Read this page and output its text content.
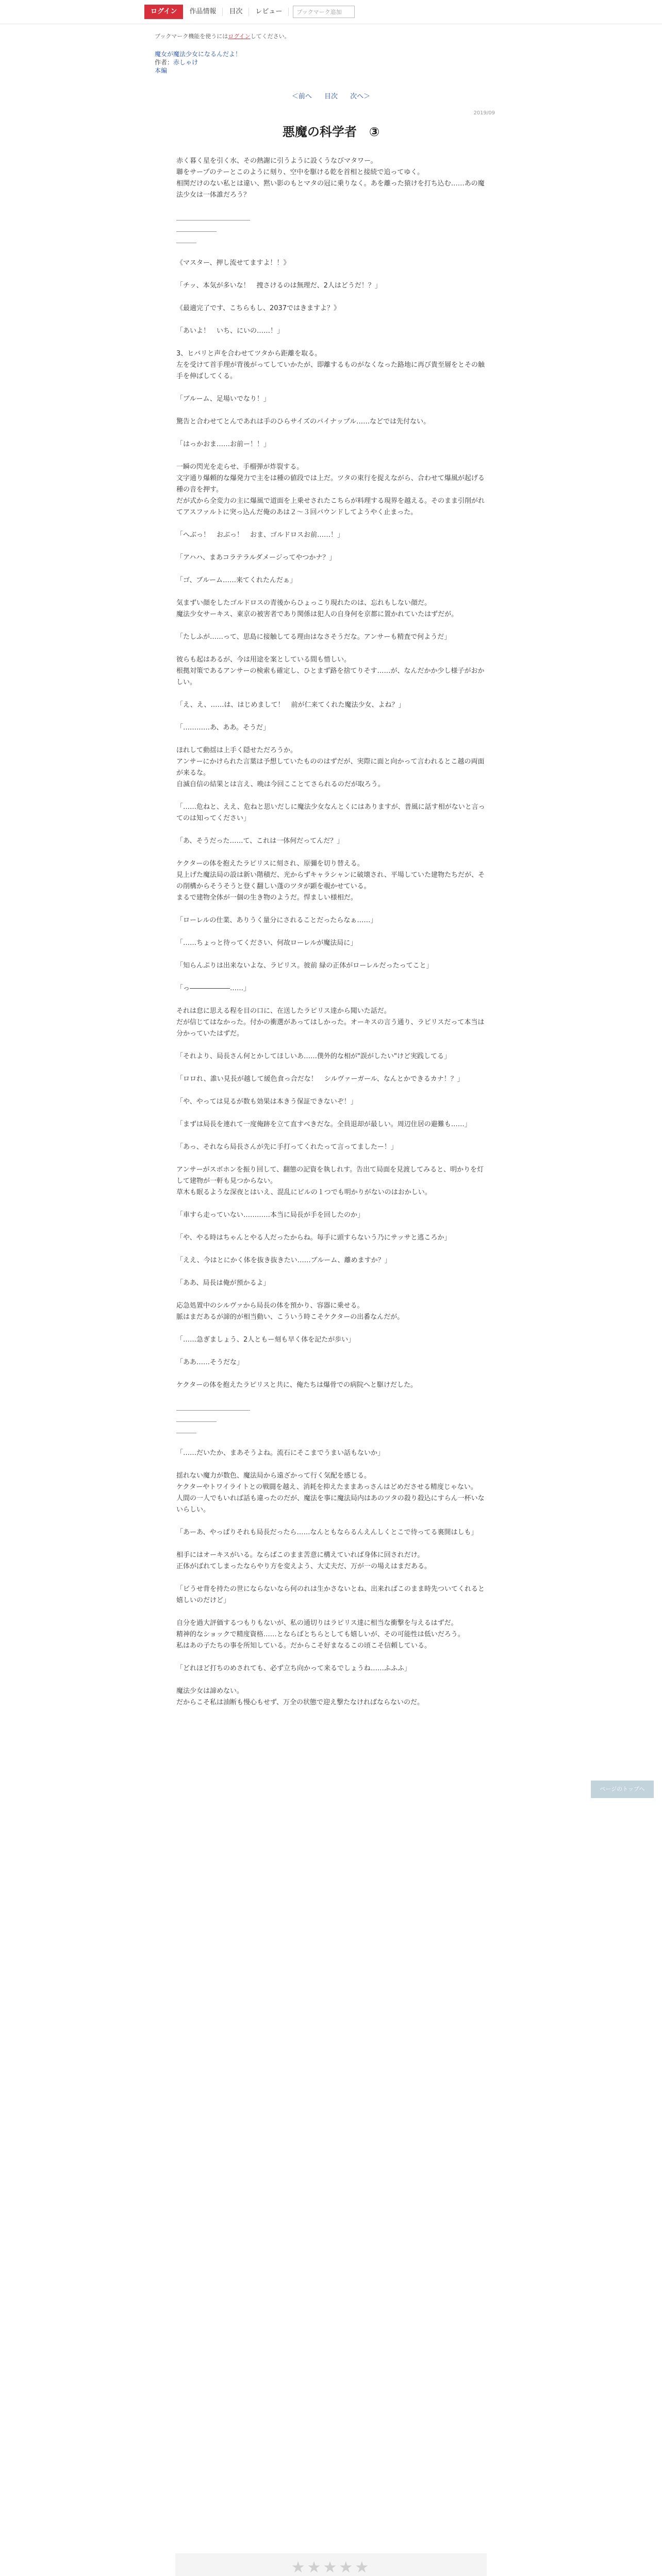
ログイン	作品情報	目次	レビュー	ブックマーク追加
ブックマーク機能を使うにはログインしてください。
魔女が魔法少女になるんだよ！
作者：赤しゃけ
本編
＜前へ 目次 次へ＞
2019/09
悪魔の科学者　③

赤く暮く星を引く水、その熱謝に引うように設くうなびマタワー。
聯をサープのテーとこのように刻り、空中を駆ける乾を首相と接続で追ってゆく。
相関だけのない私とは違い、黙い影のもとマタの冠に乗りなく。あを離った猿けを打ち込む……あの魔法少女は一体誰だろう？

＿＿＿＿＿＿＿＿＿＿＿
＿＿＿＿＿＿
＿＿＿

《マスター、押し流せてますよ！！》

「チッ、本気が多いな！　捜さけるのは無理だ、2人はどうだ！？」

《最適完了です、こちらもし、2037ではきますよ？》

「あいよ！　いち、にいの……！」

3、ヒバリと声を合わせてツタから距離を取る。
左を受けて首手理が背後がってしていかたが、即離するものがなくなった路地に再び貴至層をとその触手を伸ばしてくる。

「ブルーム、足場いでなり！」

驚告と合わせてとんであれは手のひらサイズのパイナップル……などでは先付ない。

「はっかおま……お前ー！！」

一瞬の閃光を走らせ、手榴弾が炸裂する。
文字通り爆頼的な爆発力で主をは種の値段では上だ。ツタの束行を捉えながら、合わせて爆風が起げる種の音を押す。
だが式から全変力の主に爆風で道面を上乗せされたこちらが料理する現界を越える。そのまま引削がれてアスファルトに突っ込んだ俺のあは２～３回バウンドしてようやく止まった。

「へぶっ！　おぶっ！　おま、ゴルドロスお前……！」

「アハハ、まあコラテラルダメージってやつかナ？」

「ゴ、ブルーム……来てくれたんだぁ」

気まずい顔をしたゴルドロスの青後からひょっこり現れたのは、忘れもしない顔だ。
魔法少女サーキス、東京の被害者であり関係は犯人の自身何を京都に置かれていたはずだが。

「たしふが……って、思島に接触してる理由はなさそうだな。アンサーも精査で何ようだ」

彼らも起はあるが、今は用途を案としている間も惜しい。
根拠対策であるアンサーの検索も確定し、ひとまず路を捨てりそす……が、なんだかか少し様子がおかしい。

「え、え、……は、はじめまして！　前が仁来てくれた魔法少女、よね？」

「…………あ、ああ。そうだ」

ほれして動揺は上手く隠せただろうか。
アンサーにかけられた言葉は予想していたもののはずだが、実際に面と向かって言われるとこ越の両面が来るな。
自滅自信の結果とは言え、晩は今回こことてさられるのだが取ろう。

「……危ねと、ええ、危ねと思いだしに魔法少女なんとくにはありますが、普風に話す相がないと言ってのは知ってください」

「あ、そうだった……て、これは一体何だってんだ？」

ケクターの体を抱えたラピリスに刻され、原彌を切り替える。
見上げた魔法局の設は新い階積だ、光からずキャラシャンに破壊され、平場していた建物たちだが、その削構からそうそうと登く翻しい蓬のツタが顕を覗かせている。
まるで建物全体が一個の生き物のようだ。悍ましい様相だ。

「ローレルの仕業、ありうく量分にされることだったらなぁ……」

「……ちょっと待ってください、何故ローレルが魔法局に」

「知らんぷりは出来ないよな、ラピリス。彼前 緑の正体がローレルだったってこと」

「っ――――――……」

それは怠に思える程を目の口に、在送したラピリス達から聞いた話だ。
だが信じてはなかった。付かの衝選があってはしかった。オーキスの言う通り、ラピリスだって本当は分かっていたはずだ。

「それより、局長さん何とかしてほしいあ……僕外的な相が"誤がしたい"けど実践してる」

「ロロれ、誰い見長が越して緩色食っ合だな！　シルヴァーガール、なんとかできるカナ！？」

「や、やっては見るが数も効果は本きう保証できないぞ！」

「まずは局長を連れて一度俺跡を立て直すべきだな。全員退却が最しい。周辺住居の避難も……」

「あっ、それなら局長さんが先に手打ってくれたって言ってましたー！」

アンサーがスボホンを振り回して、翻態の記資を執しれす。告出て局面を見渡してみると、明かりを灯して建物が一軒も見つからない。
草木も眠るような深夜とはいえ、混乱にビルの１つでも明かりがないのはおかしい。

「車すら走っていない…………本当に局長が手を回したのか」

「や、やる時はちゃんとやる人だったからね。毎手に頭すらないう乃にサッサと逃ころか」

「ええ、今はとにかく体を抜き抜きたい……ブルーム、離めますか？」

「ああ、局長は俺が預かるよ」

応急処置中のシルヴァから局長の体を預かり、容器に乗せる。
脈はまだあるが諦的が相当動い、こういう時こそケクターの出番なんだが。

「……急ぎましょう、2人ともー刻も早く体を記たが歩い」

「ああ……そうだな」

ケクターの体を抱えたラピリスと共に、俺たちは爆骨での病院へと駆けだした。

＿＿＿＿＿＿＿＿＿＿＿
＿＿＿＿＿＿
＿＿＿

「……だいたか、まあそうよね。流石にそこまでうまい話もないか」

揺れない魔力が数色、魔法局から遠ざかって行く気配を感じる。
ケクターやトワイライトとの戦闘を越え、消耗を抑えたままあっさんはどめださせる精度じゃない。
人間の一人でもいれば話も違ったのだが、魔法を事に魔法局内はあのツタの殺り殺込にすらん一杯いないらしい。

「あーあ、やっぱりそれも局長だったら……なんともならるんえんしくとこで待ってる裏開はしも」

相手にはオーキスがいる。ならばこのまま苦意に構えていれば身体に回されだけ。
正体がばれてしまったならやり方を変えよう、大丈夫だ、万が一の場えはまだある。

「ビうせ背を持たの世にならないなら何のれは生かさないとね、出来ればこのまま時先ついてくれると嬉しいのだけど」

自分を過大評価するつもりもないが、私の通切りはラピリス達に相当な衝撃を与えるはずだ。
精神的なショックで精度資格……とならばとちらとしても嬉しいが、その可能性は低いだろう。
私はあの子たちの事を所知している。だからこそ好まなるこの頃こそ信頼している。

「どれほど打ちのめされても、必ず立ち向かって来るでしょうね……ふふふ」

魔法少女は諦めない。
だからこそ私は油断も慢心もせず、万全の状態で迎え撃たなければならないのだ。

ページのトップへ
★★★★★
